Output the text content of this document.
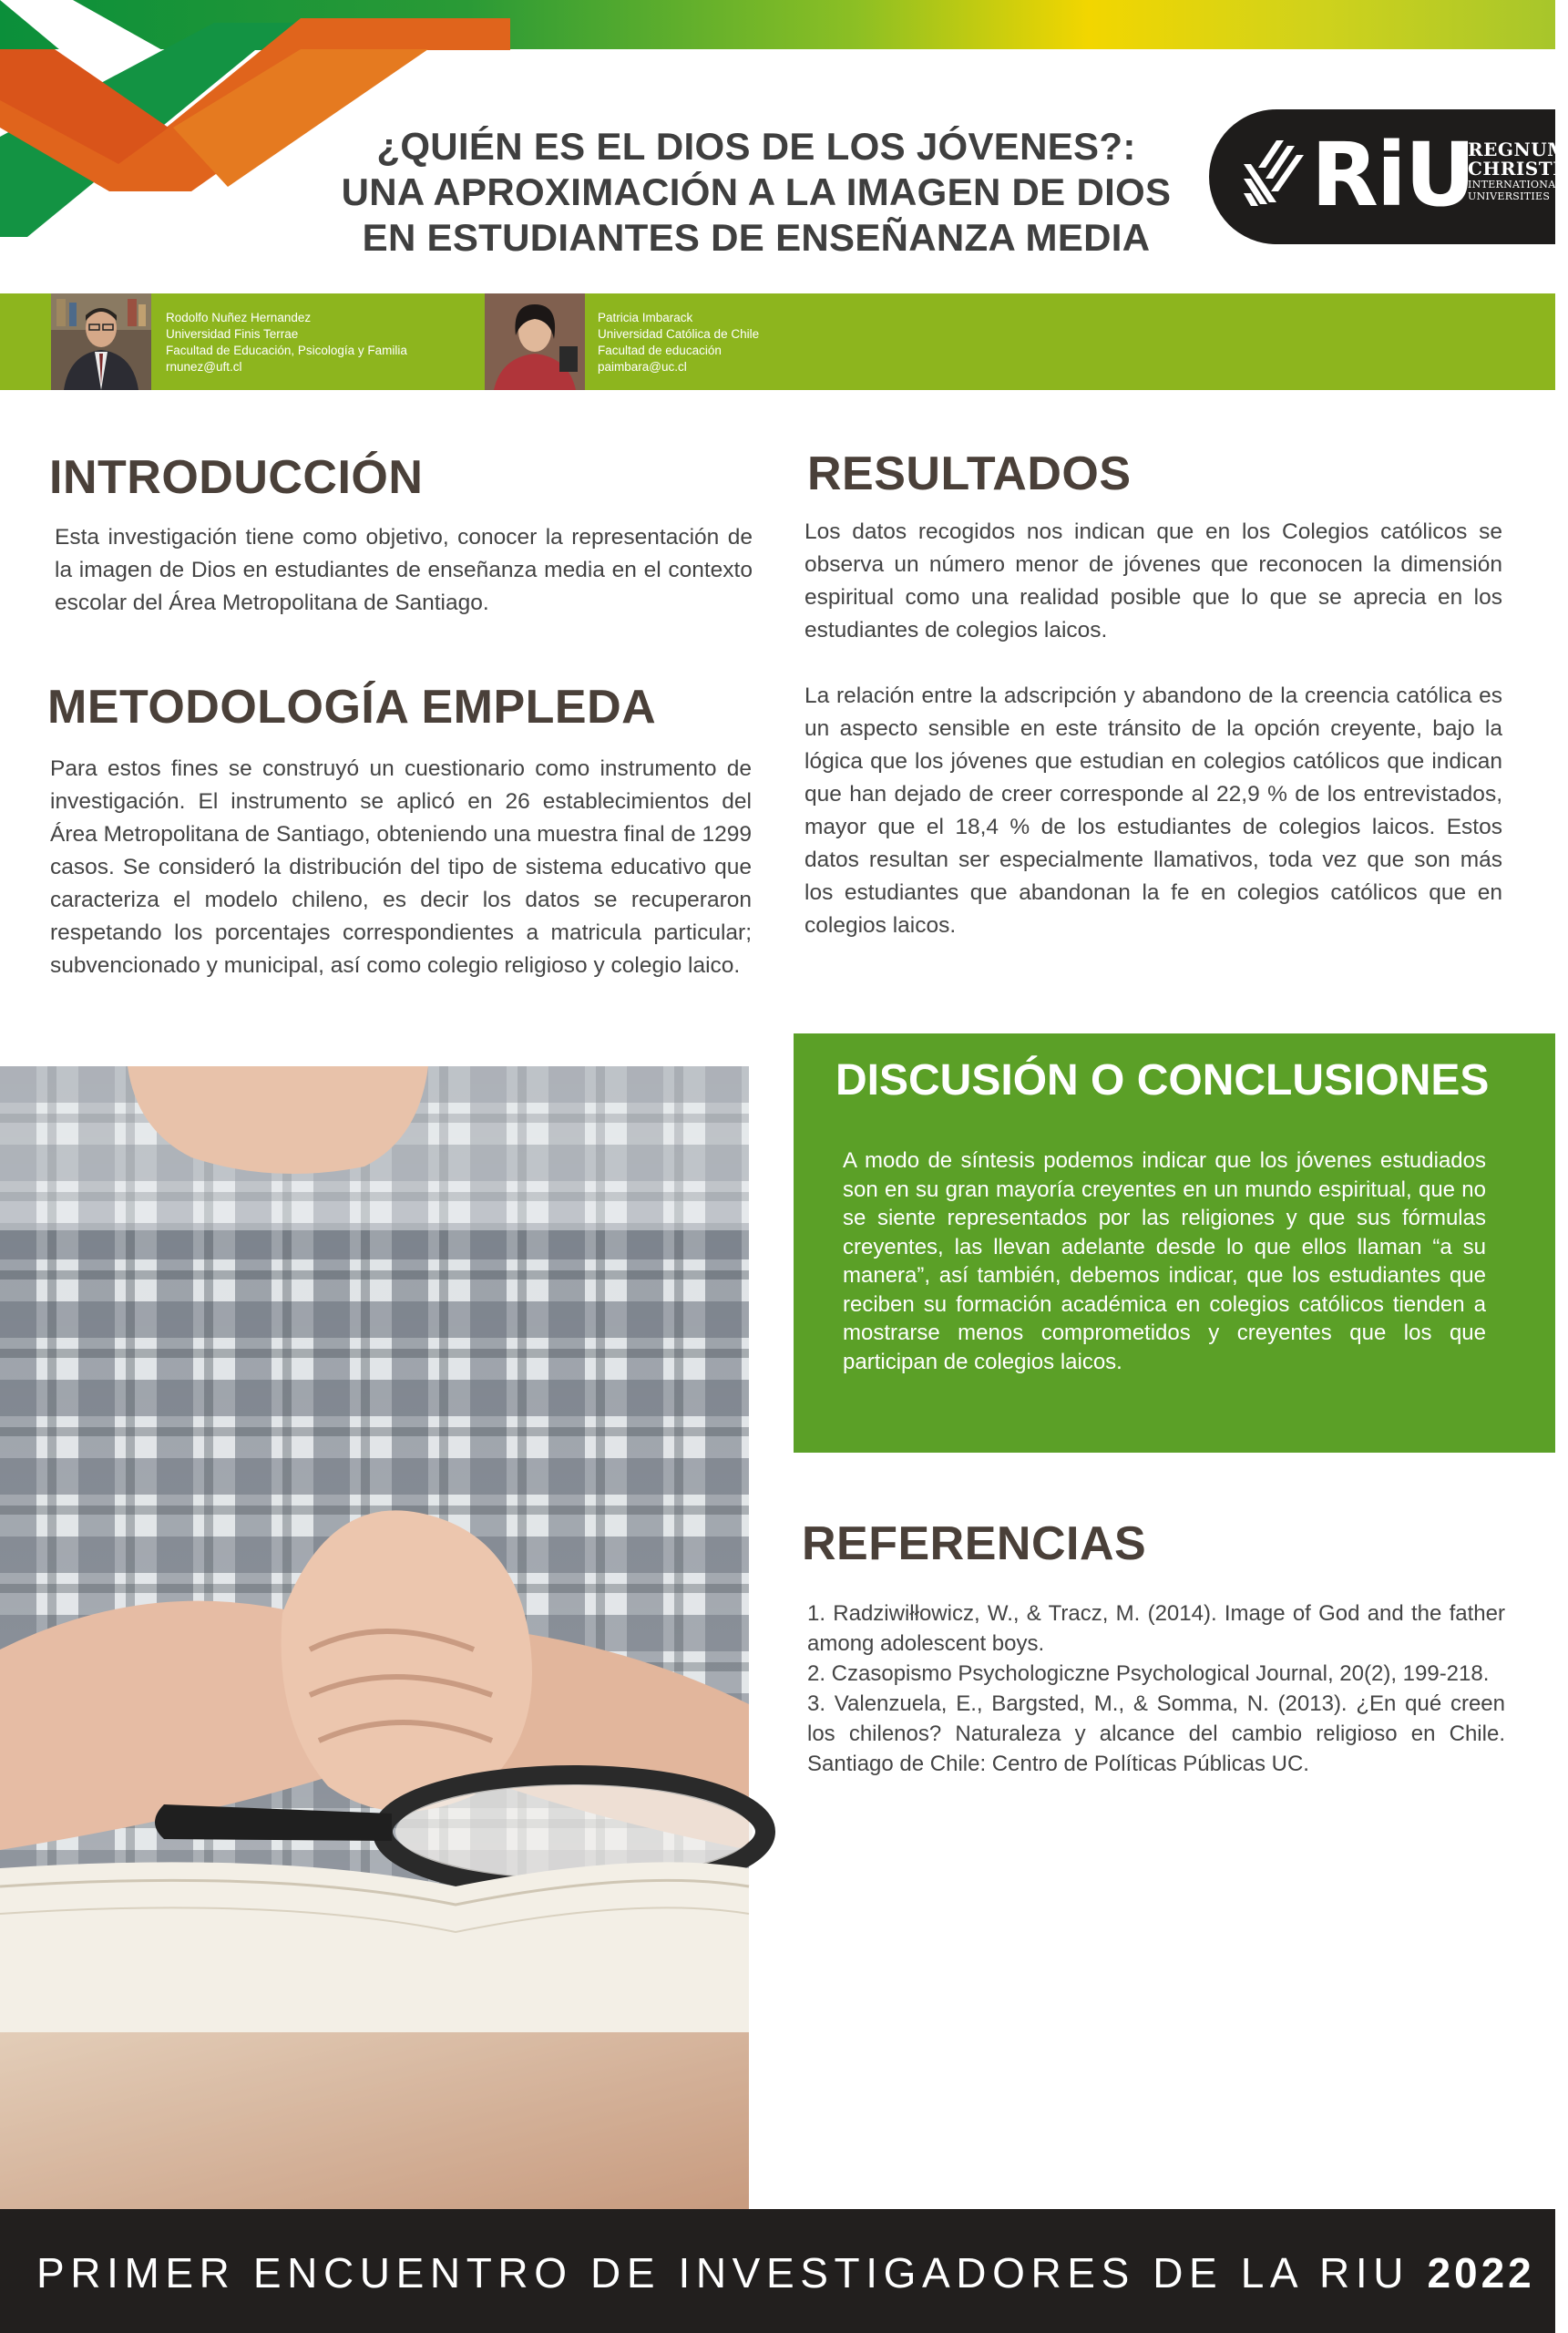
¿QUIÉN ES EL DIOS DE LOS JÓVENES?:
UNA APROXIMACIÓN A LA IMAGEN DE DIOS
EN ESTUDIANTES DE ENSEÑANZA MEDIA
RiU
REGNUM
CHRISTI
INTERNATIONAL
UNIVERSITIES
Rodolfo Nuñez Hernandez
Universidad Finis Terrae
Facultad de Educación, Psicología y Familia
rnunez@uft.cl
Patricia Imbarack
Universidad Católica de Chile
Facultad de educación
paimbara@uc.cl
INTRODUCCIÓN

Esta investigación tiene como objetivo, conocer la representación de la imagen de Dios en estudiantes de enseñanza media en el contexto escolar del Área Metropolitana de Santiago.

METODOLOGÍA EMPLEDA

Para estos fines se construyó un cuestionario como instrumento de investigación. El instrumento se aplicó en 26 establecimientos del Área Metropolitana de Santiago, obteniendo una muestra final de 1299 casos. Se consideró la distribución del tipo de sistema educativo que caracteriza el modelo chileno, es decir los datos se recuperaron respetando los porcentajes correspondientes a matricula particular; subvencionado y municipal, así como colegio religioso y colegio laico.

RESULTADOS

Los datos recogidos nos indican que en los Colegios católicos se observa un número menor de jóvenes que reconocen la dimensión espiritual como una realidad posible que lo que se aprecia en los estudiantes de colegios laicos.

La relación entre la adscripción y abandono de la creencia católica es un aspecto sensible en este tránsito de la opción creyente, bajo la lógica que los jóvenes que estudian en colegios católicos que indican que han dejado de creer corresponde al 22,9 % de los entrevistados, mayor que el 18,4 % de los estudiantes de colegios laicos. Estos datos resultan ser especialmente llamativos, toda vez que son más los estudiantes que abandonan la fe en colegios católicos que en colegios laicos.

DISCUSIÓN O CONCLUSIONES

A modo de síntesis podemos indicar que los jóvenes estudiados son en su gran mayoría creyentes en un mundo espiritual, que no se siente representados por las religiones y que sus fórmulas creyentes, las llevan adelante desde lo que ellos llaman “a su manera”, así también, debemos indicar, que los estudiantes que reciben su formación académica en colegios católicos tienden a mostrarse menos comprometidos y creyentes que los que participan de colegios laicos.

REFERENCIAS
1. Radziwiłłowicz, W., & Tracz, M. (2014). Image of God and the father among adolescent boys.
2. Czasopismo Psychologiczne Psychological Journal, 20(2), 199-218.
3. Valenzuela, E., Bargsted, M., & Somma, N. (2013). ¿En qué creen los chilenos? Naturaleza y alcance del cambio religioso en Chile. Santiago de Chile: Centro de Políticas Públicas UC.
PRIMER ENCUENTRO DE INVESTIGADORES DE LA RIU 2022
